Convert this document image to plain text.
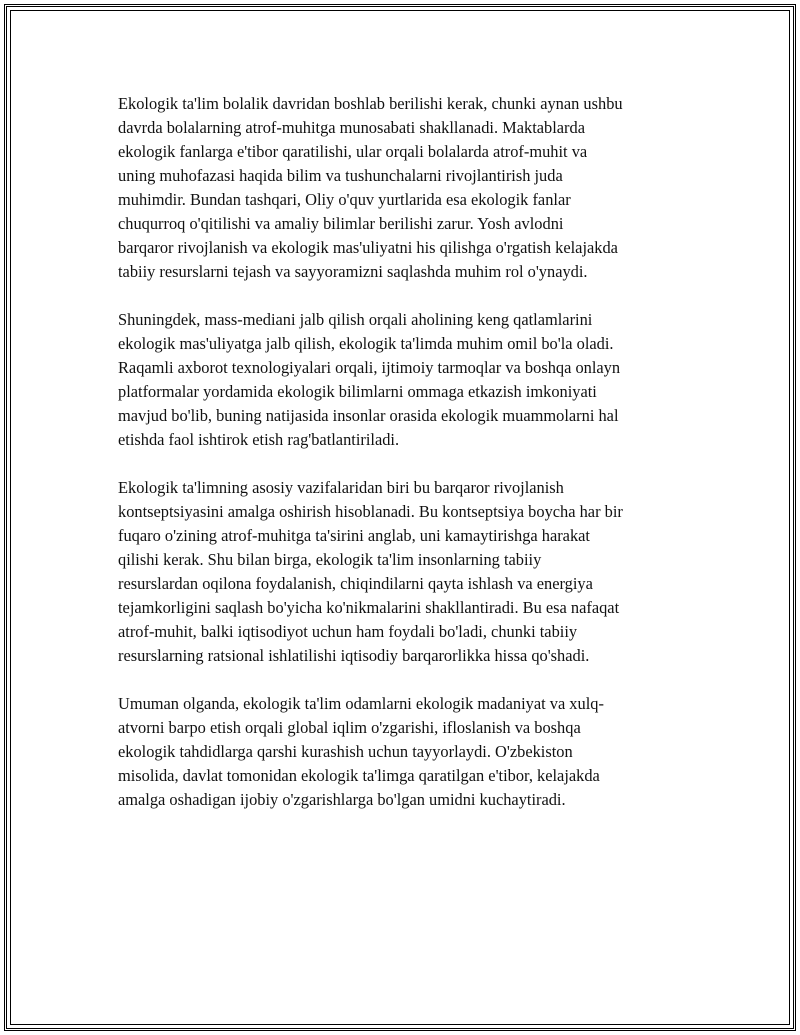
Ekologik ta'lim bolalik davridan boshlab berilishi kerak, chunki aynan ushbu
davrda bolalarning atrof-muhitga munosabati shakllanadi. Maktablarda
ekologik fanlarga e'tibor qaratilishi, ular orqali bolalarda atrof-muhit va
uning muhofazasi haqida bilim va tushunchalarni rivojlantirish juda
muhimdir. Bundan tashqari, Oliy o'quv yurtlarida esa ekologik fanlar
chuqurroq o'qitilishi va amaliy bilimlar berilishi zarur. Yosh avlodni
barqaror rivojlanish va ekologik mas'uliyatni his qilishga o'rgatish kelajakda
tabiiy resurslarni tejash va sayyoramizni saqlashda muhim rol o'ynaydi.

Shuningdek, mass-mediani jalb qilish orqali aholining keng qatlamlarini
ekologik mas'uliyatga jalb qilish, ekologik ta'limda muhim omil bo'la oladi.
Raqamli axborot texnologiyalari orqali, ijtimoiy tarmoqlar va boshqa onlayn
platformalar yordamida ekologik bilimlarni ommaga etkazish imkoniyati
mavjud bo'lib, buning natijasida insonlar orasida ekologik muammolarni hal
etishda faol ishtirok etish rag'batlantiriladi.

Ekologik ta'limning asosiy vazifalaridan biri bu barqaror rivojlanish
kontseptsiyasini amalga oshirish hisoblanadi. Bu kontseptsiya boycha har bir
fuqaro o'zining atrof-muhitga ta'sirini anglab, uni kamaytirishga harakat
qilishi kerak. Shu bilan birga, ekologik ta'lim insonlarning tabiiy
resurslardan oqilona foydalanish, chiqindilarni qayta ishlash va energiya
tejamkorligini saqlash bo'yicha ko'nikmalarini shakllantiradi. Bu esa nafaqat
atrof-muhit, balki iqtisodiyot uchun ham foydali bo'ladi, chunki tabiiy
resurslarning ratsional ishlatilishi iqtisodiy barqarorlikka hissa qo'shadi.

Umuman olganda, ekologik ta'lim odamlarni ekologik madaniyat va xulq-
atvorni barpo etish orqali global iqlim o'zgarishi, ifloslanish va boshqa
ekologik tahdidlarga qarshi kurashish uchun tayyorlaydi. O'zbekiston
misolida, davlat tomonidan ekologik ta'limga qaratilgan e'tibor, kelajakda
amalga oshadigan ijobiy o'zgarishlarga bo'lgan umidni kuchaytiradi.
